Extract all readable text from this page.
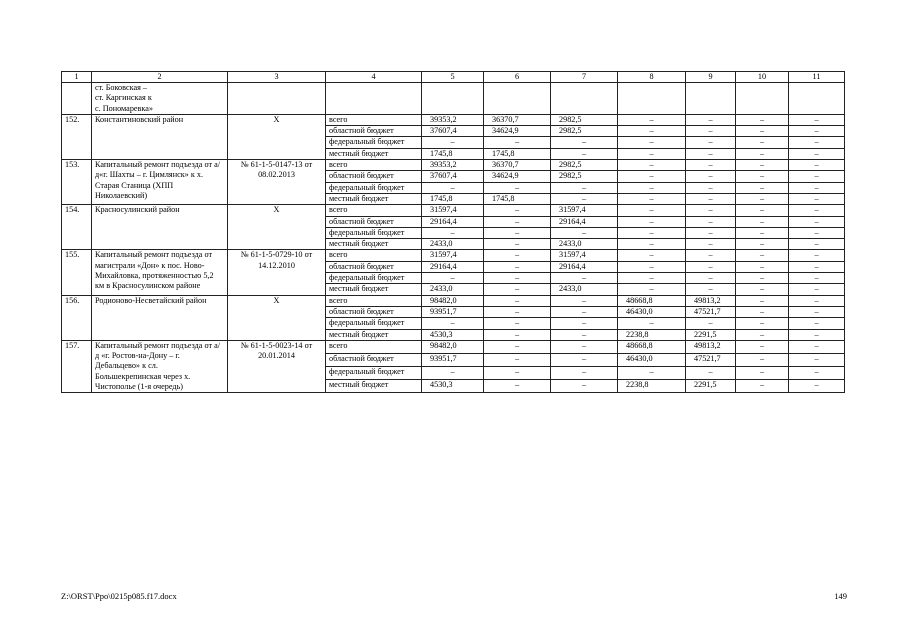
1	2	3	4	5	6	7	8	9	10	11
	ст. Боковская –
ст. Каргинская к
с. Пономаревка»									
152.	Константиновский район	Х	всего	39353,2	36370,7	2982,5	–	–	–	–
			областной бюджет	37607,4	34624,9	2982,5	–	–	–	–
			федеральный бюджет	–	–	–	–	–	–	–
			местный бюджет	1745,8	1745,8	–	–	–	–	–
153.	Капитальный ремонт подъезда от а/д«г. Шахты – г. Цимлянск» к х. Старая Станица (ХПП Николаевский)	№ 61-1-5-0147-13 от 08.02.2013	всего	39353,2	36370,7	2982,5	–	–	–	–
			областной бюджет	37607,4	34624,9	2982,5	–	–	–	–
			федеральный бюджет	–	–	–	–	–	–	–
			местный бюджет	1745,8	1745,8	–	–	–	–	–
154.	Красносулинский район	Х	всего	31597,4	–	31597,4	–	–	–	–
			областной бюджет	29164,4	–	29164,4	–	–	–	–
			федеральный бюджет	–	–	–	–	–	–	–
			местный бюджет	2433,0	–	2433,0	–	–	–	–
155.	Капитальный ремонт подъезда от магистрали «Дон» к пос. Ново-Михайловка, протяженностью 5,2 км в Красносулинском районе	№ 61-1-5-0729-10 от 14.12.2010	всего	31597,4	–	31597,4	–	–	–	–
			областной бюджет	29164,4	–	29164,4	–	–	–	–
			федеральный бюджет	–	–	–	–	–	–	–
			местный бюджет	2433,0	–	2433,0	–	–	–	–
156.	Родионово-Несветайский район	Х	всего	98482,0	–	–	48668,8	49813,2	–	–
			областной бюджет	93951,7	–	–	46430,0	47521,7	–	–
			федеральный бюджет	–	–	–	–	–	–	–
			местный бюджет	4530,3	–	–	2238,8	2291,5	–	–
157.	Капитальный ремонт подъезда от а/д «г. Ростов-на-Дону – г. Дебальцево» к сл. Большекрепинская через х. Чистополье (1-я очередь)	№ 61-1-5-0023-14 от 20.01.2014	всего	98482,0	–	–	48668,8	49813,2	–	–
			областной бюджет	93951,7	–	–	46430,0	47521,7	–	–
			федеральный бюджет	–	–	–	–	–	–	–
			местный бюджет	4530,3	–	–	2238,8	2291,5	–	–
Z:\ORST\Ppo\0215p085.f17.docx	149
